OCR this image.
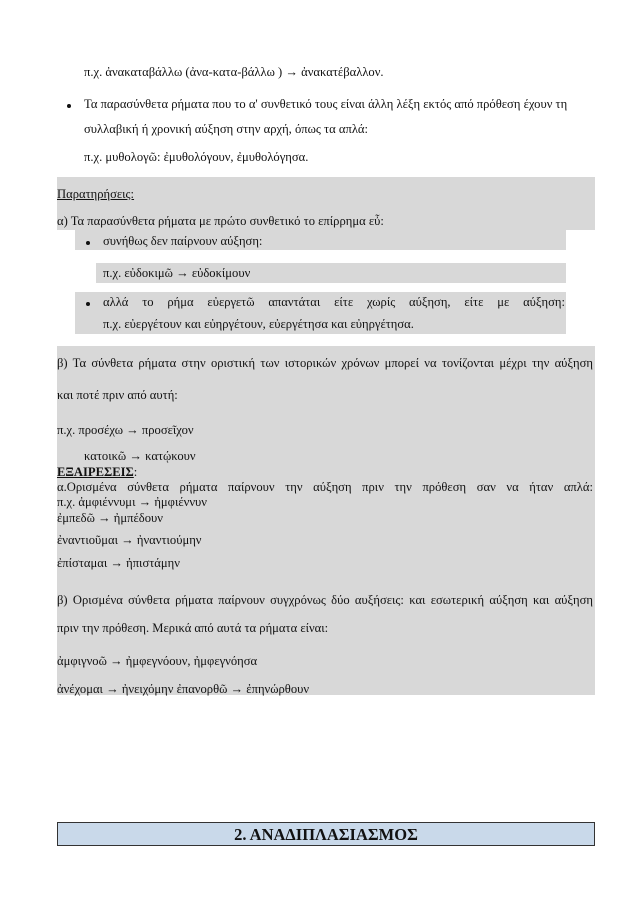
π.χ. ἀνακαταβάλλω (ἀνα-κατα-βάλλω ) → ἀνακατέβαλλον.
Τα παρασύνθετα ρήματα που το α' συνθετικό τους είναι άλλη λέξη εκτός από πρόθεση έχουν τη
συλλαβική ή χρονική αύξηση στην αρχή, όπως τα απλά:
π.χ. μυθολογῶ: ἐμυθολόγουν, ἐμυθολόγησα.
Παρατηρήσεις:
α) Τα παρασύνθετα ρήματα με πρώτο συνθετικό το επίρρημα εὖ:
συνήθως δεν παίρνουν αύξηση:
π.χ. εὐδοκιμῶ → εὐδοκίμουν
αλλά το ρήμα εὐεργετῶ απαντάται είτε χωρίς αύξηση, είτε με αύξηση:
π.χ. εὐεργέτουν και εὐηργέτουν, εὐεργέτησα και εὐηργέτησα.
β) Τα σύνθετα ρήματα στην οριστική των ιστορικών χρόνων μπορεί να τονίζονται μέχρι την αύξηση
και ποτέ πριν από αυτή:
π.χ. προσέχω → προσεῖχον
κατοικῶ → κατῴκουν
ΕΞΑΙΡΕΣΕΙΣ:
α.Ορισμένα σύνθετα ρήματα παίρνουν την αύξηση πριν την πρόθεση σαν να ήταν απλά:
π.χ. ἀμφιέννυμι → ἠμφιέννυν
ἐμπεδῶ → ἠμπέδουν
ἐναντιοῦμαι → ἠναντιούμην
ἐπίσταμαι → ἠπιστάμην
β) Ορισμένα σύνθετα ρήματα παίρνουν συγχρόνως δύο αυξήσεις: και εσωτερική αύξηση και αύξηση
πριν την πρόθεση. Μερικά από αυτά τα ρήματα είναι:
ἀμφιγνοῶ → ἠμφεγνόουν, ἠμφεγνόησα
ἀνέχομαι → ἠνειχόμην ἐπανορθῶ → ἐπηνώρθουν
2. ΑΝΑΔΙΠΛΑΣΙΑΣΜΟΣ
